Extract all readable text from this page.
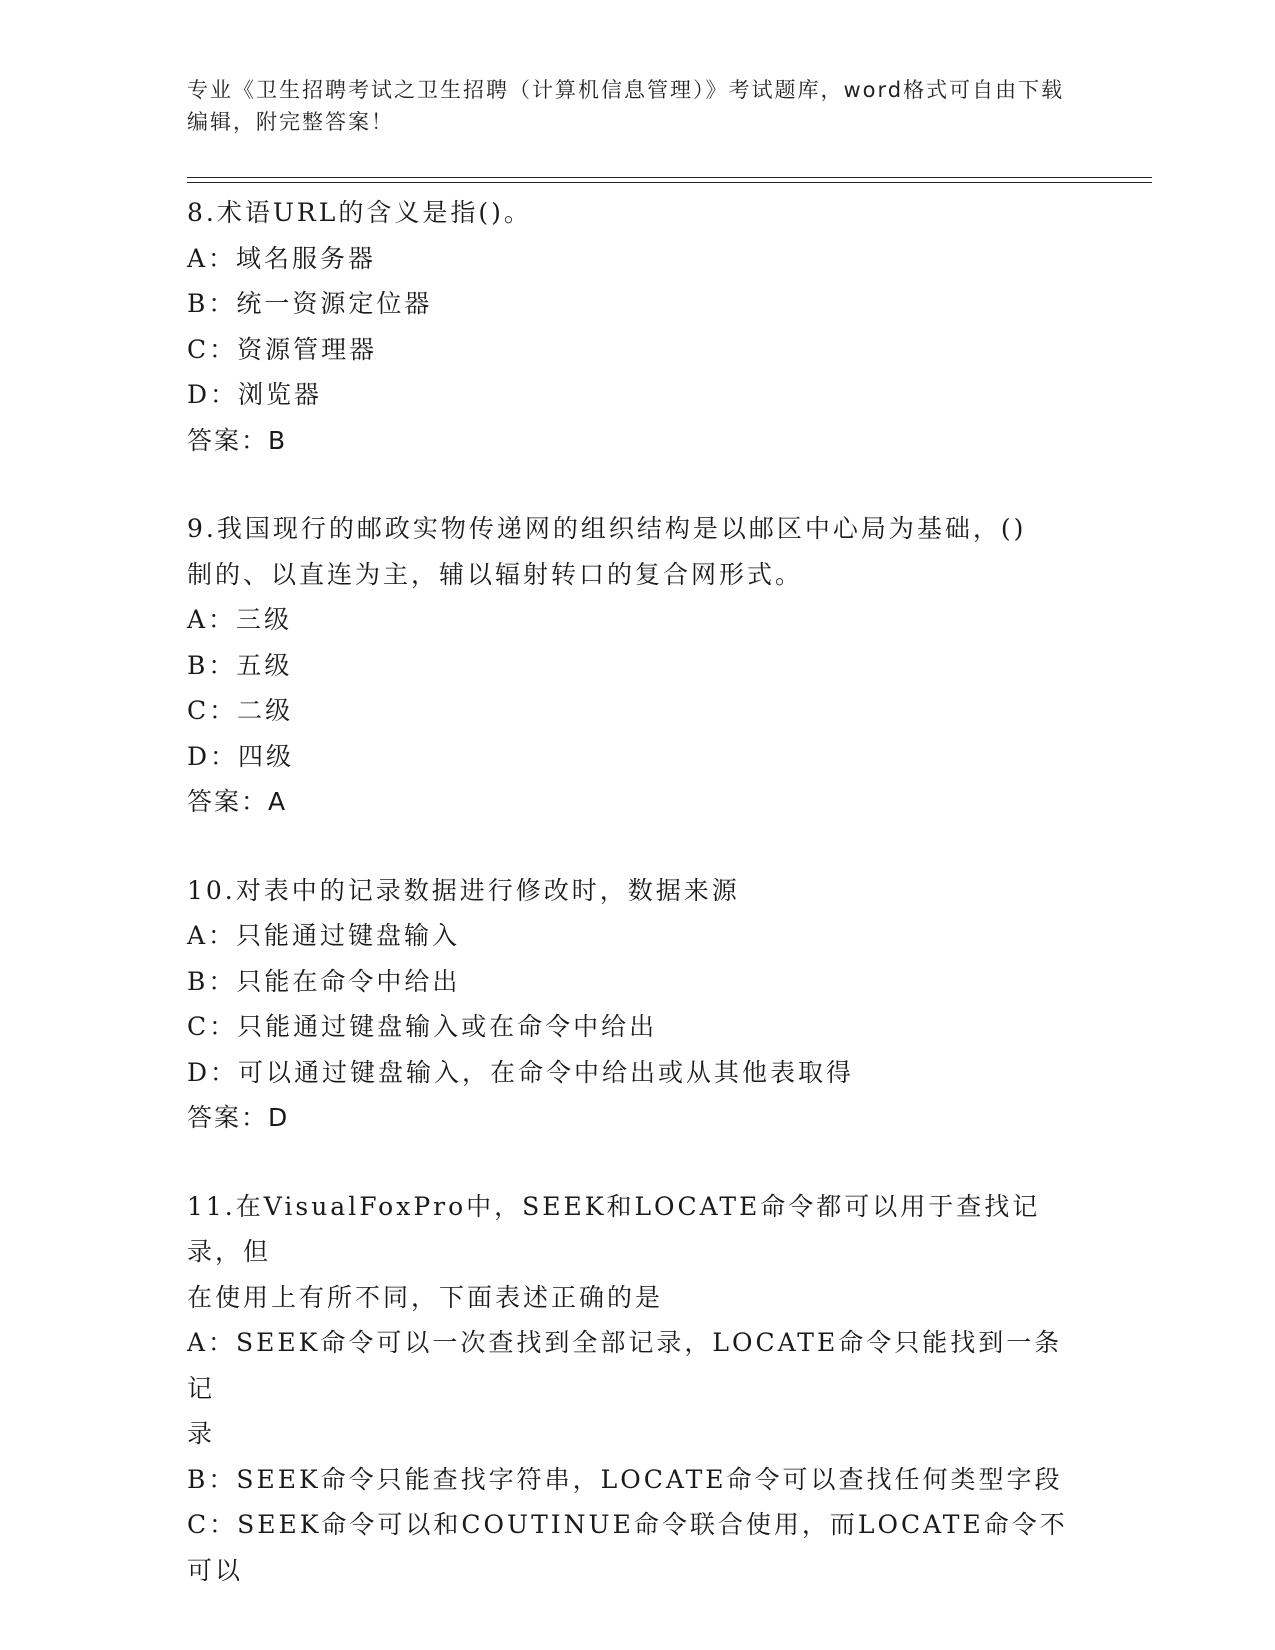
专业《卫生招聘考试之卫生招聘（计算机信息管理）》考试题库，word格式可自由下载编辑，附完整答案！

8.术语URL的含义是指()。

A：域名服务器

B：统一资源定位器

C：资源管理器

D：浏览器

答案：B

9.我国现行的邮政实物传递网的组织结构是以邮区中心局为基础，()

制的、以直连为主，辅以辐射转口的复合网形式。

A：三级

B：五级

C：二级

D：四级

答案：A

10.对表中的记录数据进行修改时，数据来源

A：只能通过键盘输入

B：只能在命令中给出

C：只能通过键盘输入或在命令中给出

D：可以通过键盘输入，在命令中给出或从其他表取得

答案：D

11.在VisualFoxPro中，SEEK和LOCATE命令都可以用于查找记录，但

在使用上有所不同，下面表述正确的是

A：SEEK命令可以一次查找到全部记录，LOCATE命令只能找到一条记

录

B：SEEK命令只能查找字符串，LOCATE命令可以查找任何类型字段

C：SEEK命令可以和COUTINUE命令联合使用，而LOCATE命令不可以
